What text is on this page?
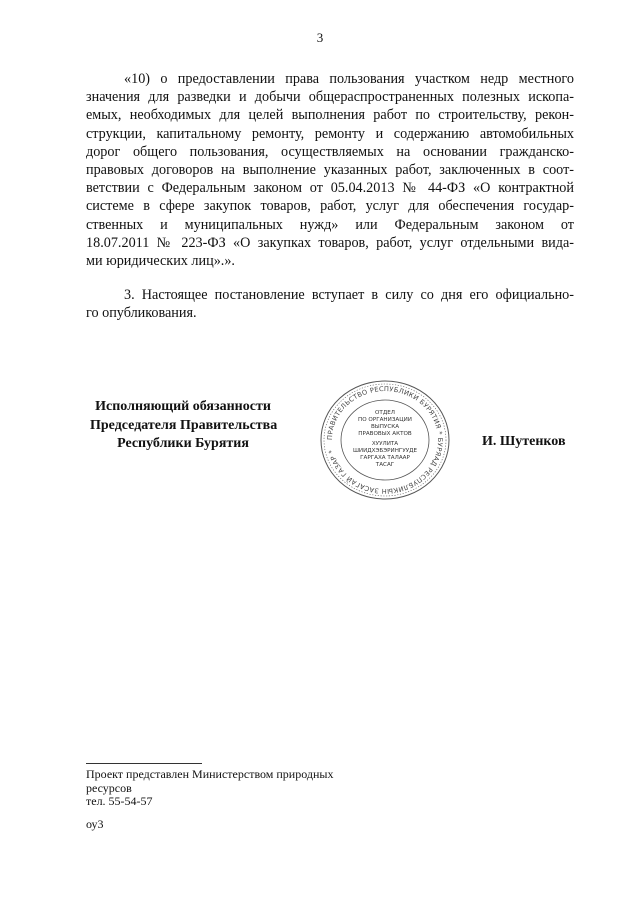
3
«10) о предоставлении права пользования участком недр местного
значения для разведки и добычи общераспространенных полезных ископа-
емых, необходимых для целей выполнения работ по строительству, рекон-
струкции, капитальному ремонту, ремонту и содержанию автомобильных
дорог общего пользования, осуществляемых на основании гражданско-
правовых договоров на выполнение указанных работ, заключенных в соот-
ветствии с Федеральным законом от 05.04.2013 № 44-ФЗ «О контрактной
системе в сфере закупок товаров, работ, услуг для обеспечения государ-
ственных и муниципальных нужд» или Федеральным законом от
18.07.2011 № 223-ФЗ «О закупках товаров, работ, услуг отдельными вида-
ми юридических лиц».».
3. Настоящее постановление вступает в силу со дня его официально-
го опубликования.
Исполняющий обязанности
Председателя Правительства
Республики Бурятия	ПРАВИТЕЛЬСТВО РЕСПУБЛИКИ БУРЯТИЯ * БУРЯАД РЕСПУБЛИКЫН ЗАСАГАЙ ГАЗАР *
ОТДЕЛ
ПО ОРГАНИЗАЦИИ
ВЫПУСКА
ПРАВОВЫХ АКТОВ
ХУУЛИТА
ШИИДХЭБЭРИНГУУДЕ
ГАРГАХА ТАЛААР
ТАСАГ
И. Шутенков
Проект представлен Министерством природных
ресурсов
тел. 55-54-57
оу3
